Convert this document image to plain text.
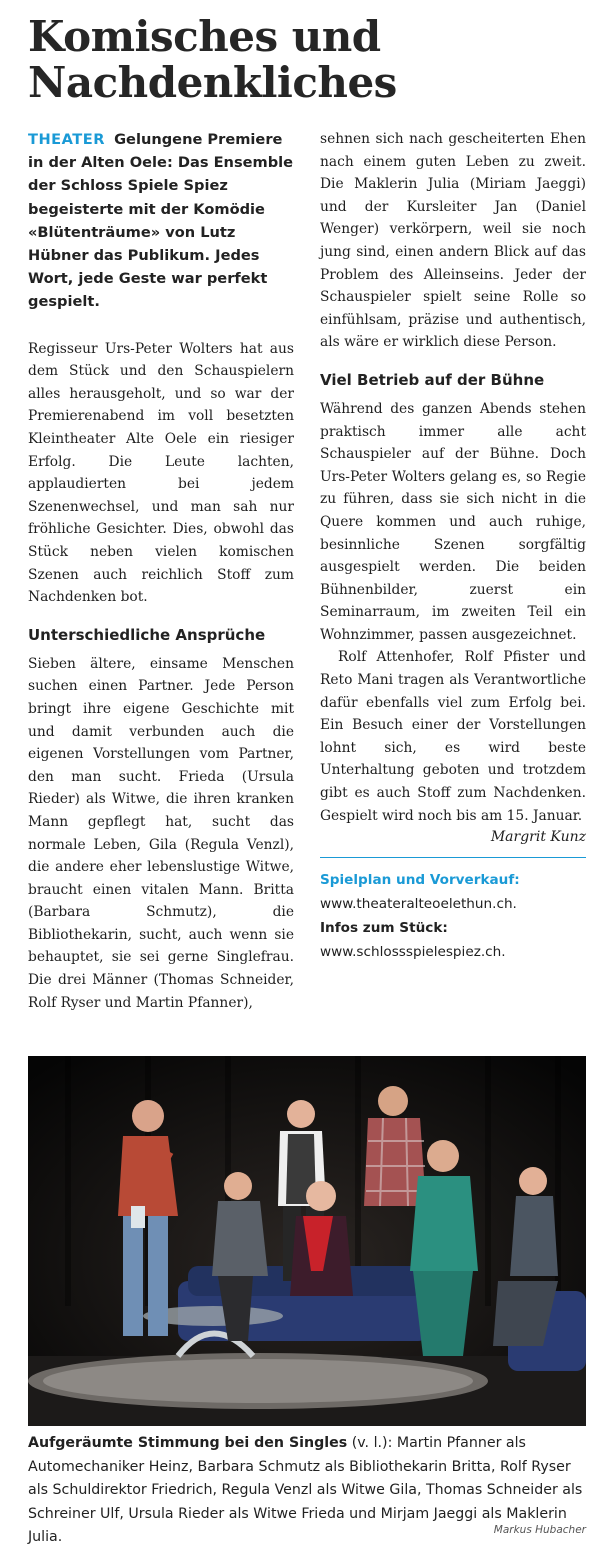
Komisches und Nachdenkliches

THEATER Gelungene Premiere in der Alten Oele: Das Ensemble der Schloss Spiele Spiez begeisterte mit der Komödie «Blütenträume» von Lutz Hübner das Publikum. Jedes Wort, jede Geste war perfekt gespielt.

Regisseur Urs-Peter Wolters hat aus dem Stück und den Schauspielern alles herausgeholt, und so war der Premierenabend im voll besetzten Kleintheater Alte Oele ein riesiger Erfolg. Die Leute lachten, applaudierten bei jedem Szenenwechsel, und man sah nur fröhliche Gesichter. Dies, obwohl das Stück neben vielen komischen Szenen auch reichlich Stoff zum Nachdenken bot.

Unterschiedliche Ansprüche

Sieben ältere, einsame Menschen suchen einen Partner. Jede Person bringt ihre eigene Geschichte mit und damit verbunden auch die eigenen Vorstellungen vom Partner, den man sucht. Frieda (Ursula Rieder) als Witwe, die ihren kranken Mann gepflegt hat, sucht das normale Leben, Gila (Regula Venzl), die andere eher lebenslustige Witwe, braucht einen vitalen Mann. Britta (Barbara Schmutz), die Bibliothekarin, sucht, auch wenn sie behauptet, sie sei gerne Singlefrau. Die drei Männer (Thomas Schneider, Rolf Ryser und Martin Pfanner),

sehnen sich nach gescheiterten Ehen nach einem guten Leben zu zweit. Die Maklerin Julia (Miriam Jaeggi) und der Kursleiter Jan (Daniel Wenger) verkörpern, weil sie noch jung sind, einen andern Blick auf das Problem des Alleinseins. Jeder der Schauspieler spielt seine Rolle so einfühlsam, präzise und authentisch, als wäre er wirklich diese Person.

Viel Betrieb auf der Bühne

Während des ganzen Abends stehen praktisch immer alle acht Schauspieler auf der Bühne. Doch Urs-Peter Wolters gelang es, so Regie zu führen, dass sie sich nicht in die Quere kommen und auch ruhige, besinnliche Szenen sorgfältig ausgespielt werden. Die beiden Bühnenbilder, zuerst ein Seminarraum, im zweiten Teil ein Wohnzimmer, passen ausgezeichnet.

Rolf Attenhofer, Rolf Pfister und Reto Mani tragen als Verantwortliche dafür ebenfalls viel zum Erfolg bei. Ein Besuch einer der Vorstellungen lohnt sich, es wird beste Unterhaltung geboten und trotzdem gibt es auch Stoff zum Nachdenken. Gespielt wird noch bis am 15. Januar.

Margrit Kunz

Spielplan und Vorverkauf:
www.theateralteoelethun.ch.
Infos zum Stück:
www.schlossspielespiez.ch.

Aufgeräumte Stimmung bei den Singles (v. l.): Martin Pfanner als Automechaniker Heinz, Barbara Schmutz als Bibliothekarin Britta, Rolf Ryser als Schuldirektor Friedrich, Regula Venzl als Witwe Gila, Thomas Schneider als Schreiner Ulf, Ursula Rieder als Witwe Frieda und Mirjam Jaeggi als Maklerin Julia.	Markus Hubacher
